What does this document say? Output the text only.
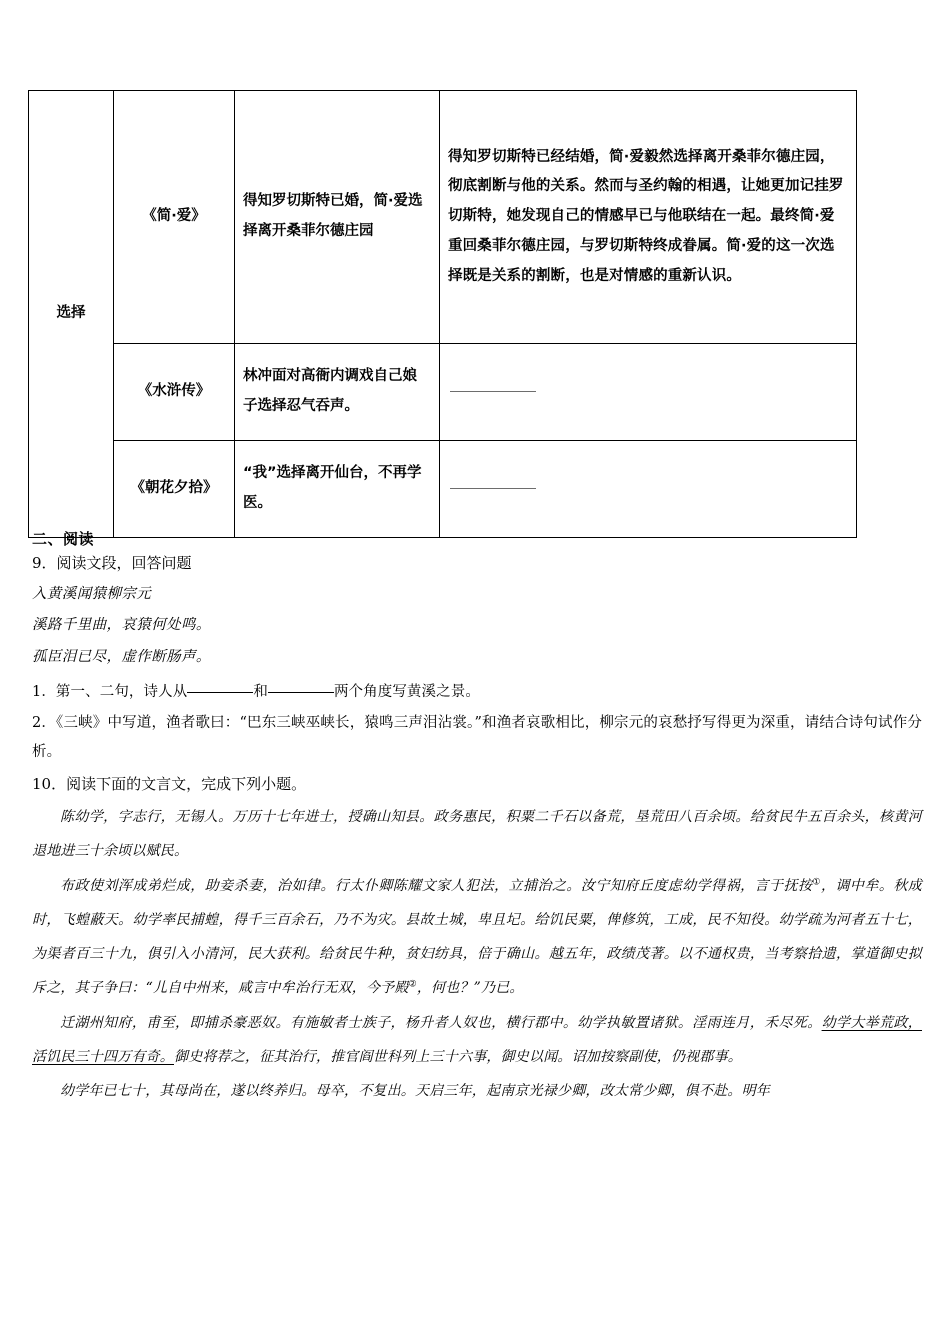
选择	《简·爱》	得知罗切斯特已婚，简·爱选择离开桑菲尔德庄园	得知罗切斯特已经结婚，简·爱毅然选择离开桑菲尔德庄园，彻底割断与他的关系。然而与圣约翰的相遇，让她更加记挂罗切斯特，她发现自己的情感早已与他联结在一起。最终简·爱重回桑菲尔德庄园，与罗切斯特终成眷属。简·爱的这一次选择既是关系的割断，也是对情感的重新认识。
	《水浒传》	林冲面对高衙内调戏自己娘子选择忍气吞声。	
	《朝花夕拾》	“我”选择离开仙台，不再学医。	
二、阅读
9．阅读文段，回答问题
入黄溪闻猿柳宗元
溪路千里曲，哀猿何处鸣。
孤臣泪已尽，虚作断肠声。
1．第一、二句，诗人从	和	两个角度写黄溪之景。
2．《三峡》中写道，渔者歌曰：“巴东三峡巫峡长，猿鸣三声泪沾裳。”和渔者哀歌相比，柳宗元的哀愁抒写得更为深重，请结合诗句试作分析。
10．阅读下面的文言文，完成下列小题。

陈幼学，字志行，无锡人。万历十七年进士，授确山知县。政务惠民，积粟二千石以备荒，垦荒田八百余顷。给贫民牛五百余头，核黄河退地进三十余顷以赋民。

布政使刘浑成弟烂成，助妾杀妻，治如律。行太仆卿陈耀文家人犯法，立捕治之。汝宁知府丘度虑幼学得祸，言于抚按①，调中牟。秋成时，飞蝗蔽天。幼学率民捕蝗，得千三百余石，乃不为灾。县故土城，卑且圮。给饥民粟，俾修筑，工成，民不知役。幼学疏为河者五十七，为渠者百三十九，俱引入小清河，民大获利。给贫民牛种，贫妇纺具，倍于确山。越五年，政绩茂著。以不通权贵，当考察拾遗，掌道御史拟斥之，其子争曰：“儿自中州来，咸言中牟治行无双，今予殿②，何也？”乃已。

迁湖州知府，甫至，即捕杀豪恶奴。有施敏者士族子，杨升者人奴也，横行郡中。幼学执敏置诸狱。淫雨连月，禾尽死。幼学大举荒政，活饥民三十四万有奇。御史将荐之，征其治行，推官阎世科列上三十六事，御史以闻。诏加按察副使，仍视郡事。

幼学年已七十，其母尚在，遂以终养归。母卒，不复出。天启三年，起南京光禄少卿，改太常少卿，俱不赴。明年
